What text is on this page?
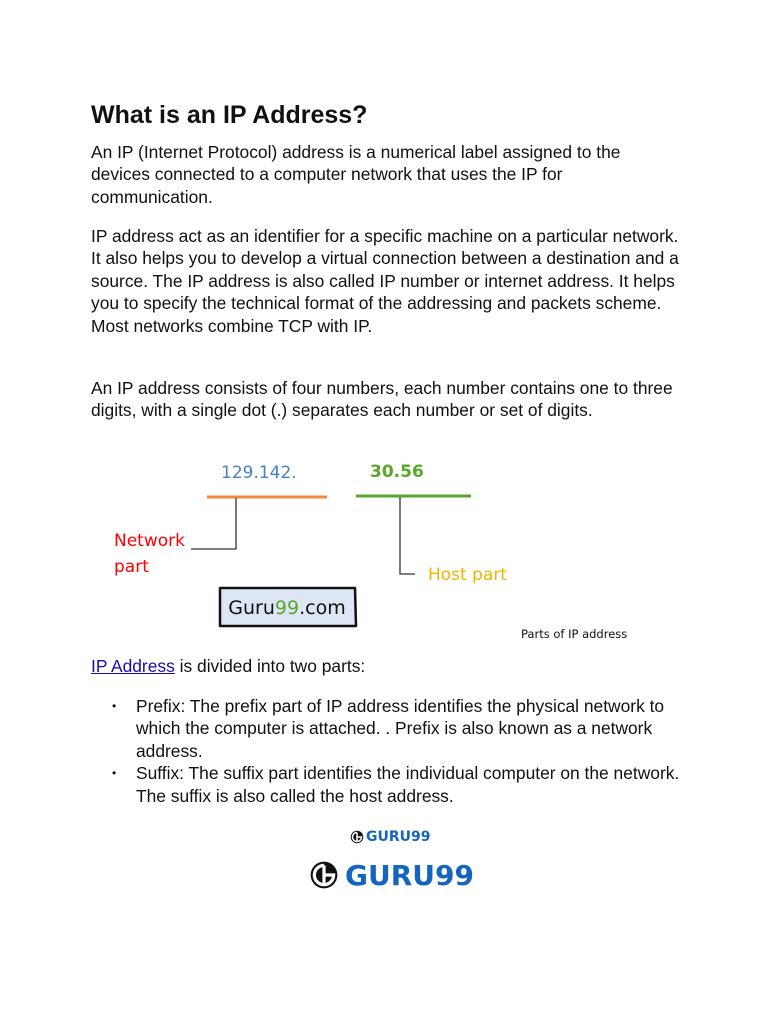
What is an IP Address?

An IP (Internet Protocol) address is a numerical label assigned to the devices connected to a computer network that uses the IP for communication.

IP address act as an identifier for a specific machine on a particular network. It also helps you to develop a virtual connection between a destination and a source. The IP address is also called IP number or internet address. It helps you to specify the technical format of the addressing and packets scheme. Most networks combine TCP with IP.

An IP address consists of four numbers, each number contains one to three digits, with a single dot (.) separates each number or set of digits.

129.142.	30.56
Network
part	Host part
Guru99.com
Parts of IP address

IP Address is divided into two parts:

• Prefix: The prefix part of IP address identifies the physical network to which the computer is attached. . Prefix is also known as a network address.
• Suffix: The suffix part identifies the individual computer on the network. The suffix is also called the host address.
GURU99
GURU99
